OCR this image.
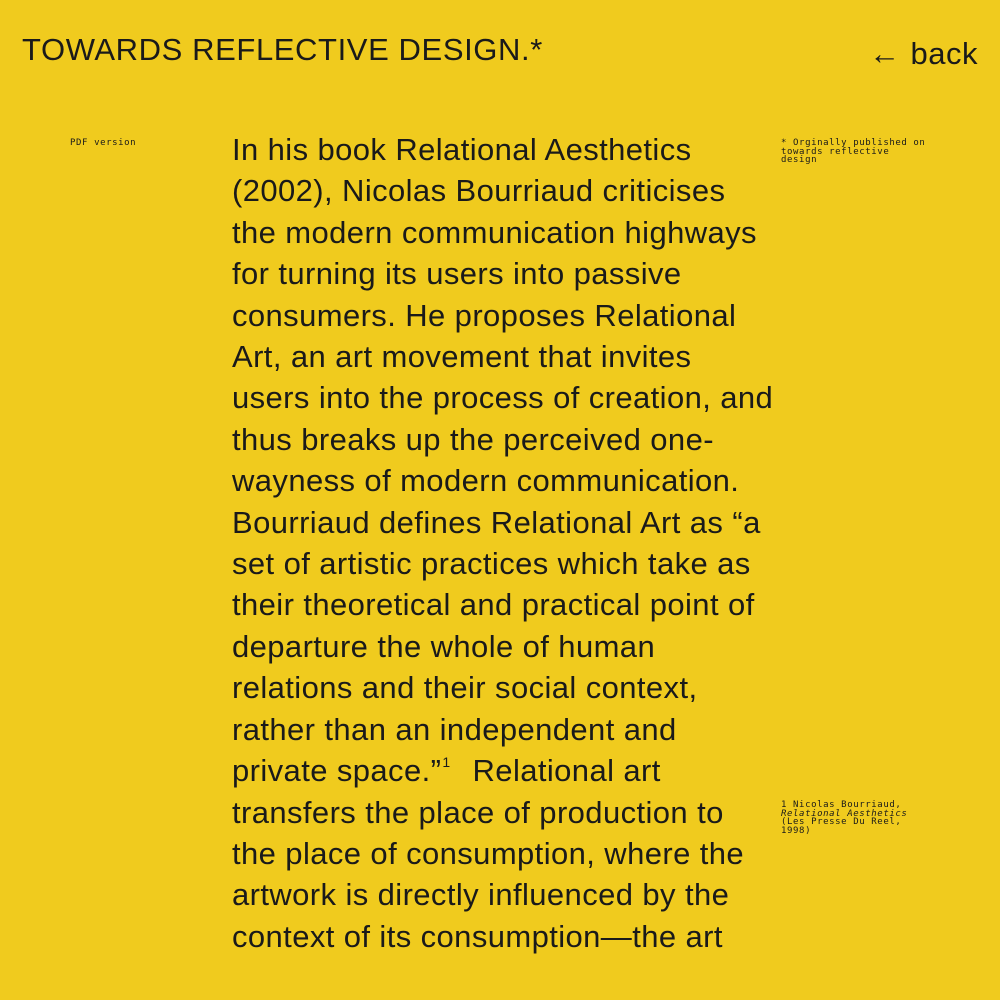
TOWARDS REFLECTIVE DESIGN.*	← back
PDF version	In his book Relational Aesthetics (2002), Nicolas Bourriaud criticises the modern communication highways for turning its users into passive consumers. He proposes Relational Art, an art movement that invites users into the process of creation, and thus breaks up the perceived one-wayness of modern communication. Bourriaud defines Relational Art as “a set of artistic practices which take as their theoretical and practical point of departure the whole of human relations and their social context, rather than an independent and private space.”$^1$ Relational art transfers the place of production to the place of consumption, where the artwork is directly influenced by the context of its consumption—the art

* Orginally published on
towards reflective
design
1 Nicolas Bourriaud,
Relational Aesthetics
(Les Presse Du Reel,
1998)
